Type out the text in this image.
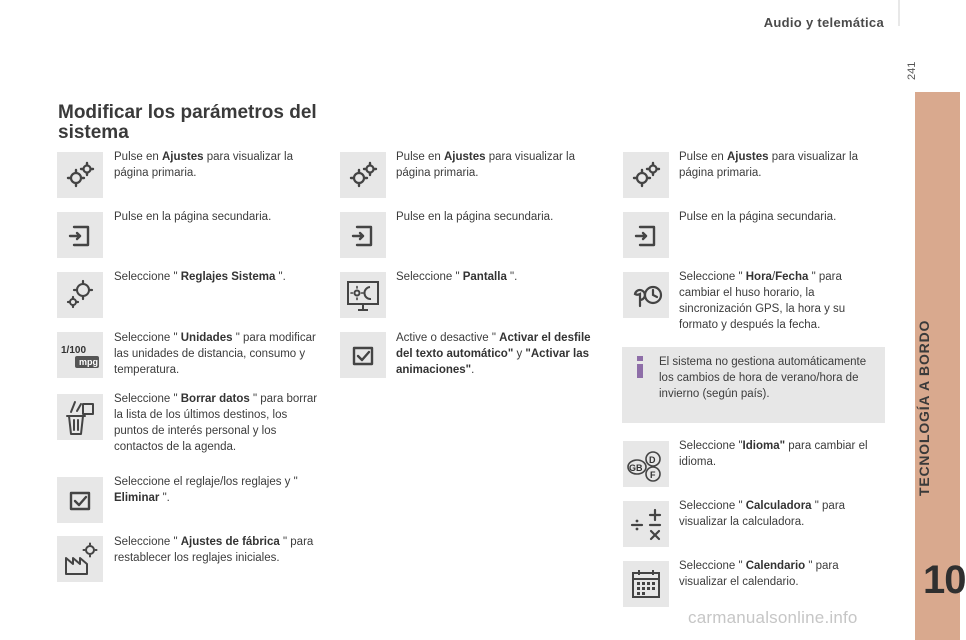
Audio y telemática
241
TECNOLOGÍA A BORDO
10
Modificar los parámetros del sistema
Pulse en Ajustes para visualizar la página primaria.
Pulse en la página secundaria.
Seleccione " Reglajes Sistema ".
1/100
mpg
Seleccione " Unidades " para modificar las unidades de distancia, consumo y temperatura.
Seleccione " Borrar datos " para borrar la lista de los últimos destinos, los puntos de interés personal y los contactos de la agenda.
Seleccione el reglaje/los reglajes y " Eliminar ".
Seleccione " Ajustes de fábrica " para restablecer los reglajes iniciales.
Pulse en Ajustes para visualizar la página primaria.
Pulse en la página secundaria.
Seleccione " Pantalla ".
Active o desactive " Activar el desfile del texto automático" y "Activar las animaciones".
Pulse en Ajustes para visualizar la página primaria.
Pulse en la página secundaria.
Seleccione " Hora/Fecha " para cambiar el huso horario, la sincronización GPS, la hora y su formato y después la fecha.
El sistema no gestiona automáticamente los cambios de hora de verano/hora de invierno (según país).
GB
D
F
Seleccione "Idioma" para cambiar el idioma.
Seleccione " Calculadora " para visualizar la calculadora.
Seleccione " Calendario " para visualizar el calendario.
carmanualsonline.info
